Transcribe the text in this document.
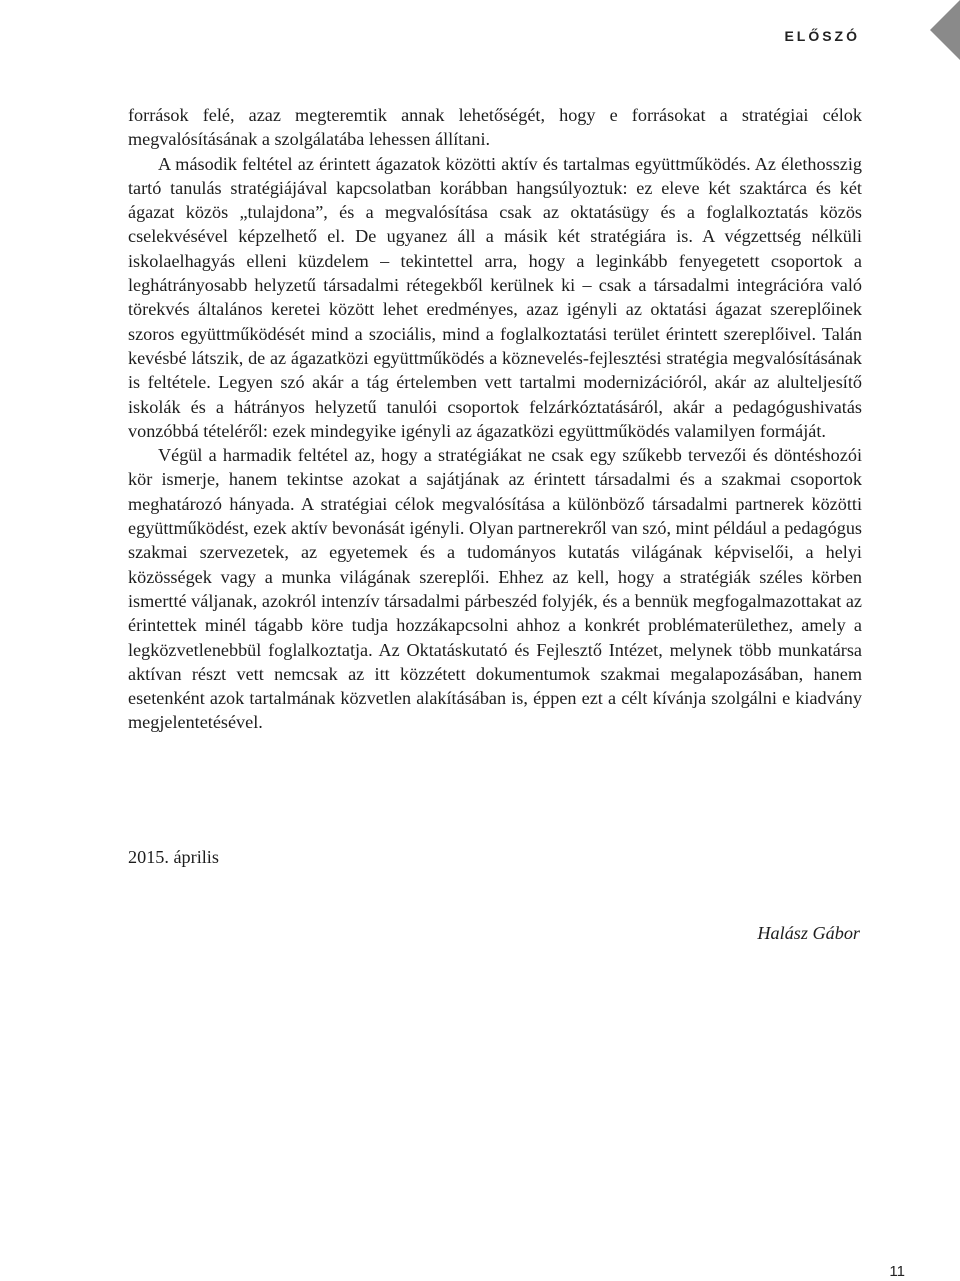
ELŐSZÓ

források felé, azaz megteremtik annak lehetőségét, hogy e forrásokat a stratégiai célok megvalósításának a szolgálatába lehessen állítani.

A második feltétel az érintett ágazatok közötti aktív és tartalmas együttműködés. Az élethosszig tartó tanulás stratégiájával kapcsolatban korábban hangsúlyoztuk: ez eleve két szaktárca és két ágazat közös „tulajdona”, és a megvalósítása csak az oktatásügy és a foglalkoztatás közös cselekvésével képzelhető el. De ugyanez áll a másik két stratégiára is. A végzettség nélküli iskolaelhagyás elleni küzdelem – tekintettel arra, hogy a leginkább fenyegetett csoportok a leghátrányosabb helyzetű társadalmi rétegekből kerülnek ki – csak a társadalmi integrációra való törekvés általános keretei között lehet eredményes, azaz igényli az oktatási ágazat szereplőinek szoros együttműködését mind a szociális, mind a foglalkoztatási terület érintett szereplőivel. Talán kevésbé látszik, de az ágazatközi együttműködés a köznevelés-fejlesztési stratégia megvalósításának is feltétele. Legyen szó akár a tág értelemben vett tartalmi modernizációról, akár az alulteljesítő iskolák és a hátrányos helyzetű tanulói csoportok felzárkóztatásáról, akár a pedagógushivatás vonzóbbá tételéről: ezek mindegyike igényli az ágazatközi együttműködés valamilyen formáját.

Végül a harmadik feltétel az, hogy a stratégiákat ne csak egy szűkebb tervezői és döntéshozói kör ismerje, hanem tekintse azokat a sajátjának az érintett társadalmi és a szakmai csoportok meghatározó hányada. A stratégiai célok megvalósítása a különböző társadalmi partnerek közötti együttműködést, ezek aktív bevonását igényli. Olyan partnerekről van szó, mint például a pedagógus szakmai szervezetek, az egyetemek és a tudományos kutatás világának képviselői, a helyi közösségek vagy a munka világának szereplői. Ehhez az kell, hogy a stratégiák széles körben ismertté váljanak, azokról intenzív társadalmi párbeszéd folyjék, és a bennük megfogalmazottakat az érintettek minél tágabb köre tudja hozzákapcsolni ahhoz a konkrét problématerülethez, amely a legközvetlenebbül foglalkoztatja. Az Oktatáskutató és Fejlesztő Intézet, melynek több munkatársa aktívan részt vett nemcsak az itt közzétett dokumentumok szakmai megalapozásában, hanem esetenként azok tartalmának közvetlen alakításában is, éppen ezt a célt kívánja szolgálni e kiadvány megjelentetésével.

2015. április
Halász Gábor
11
